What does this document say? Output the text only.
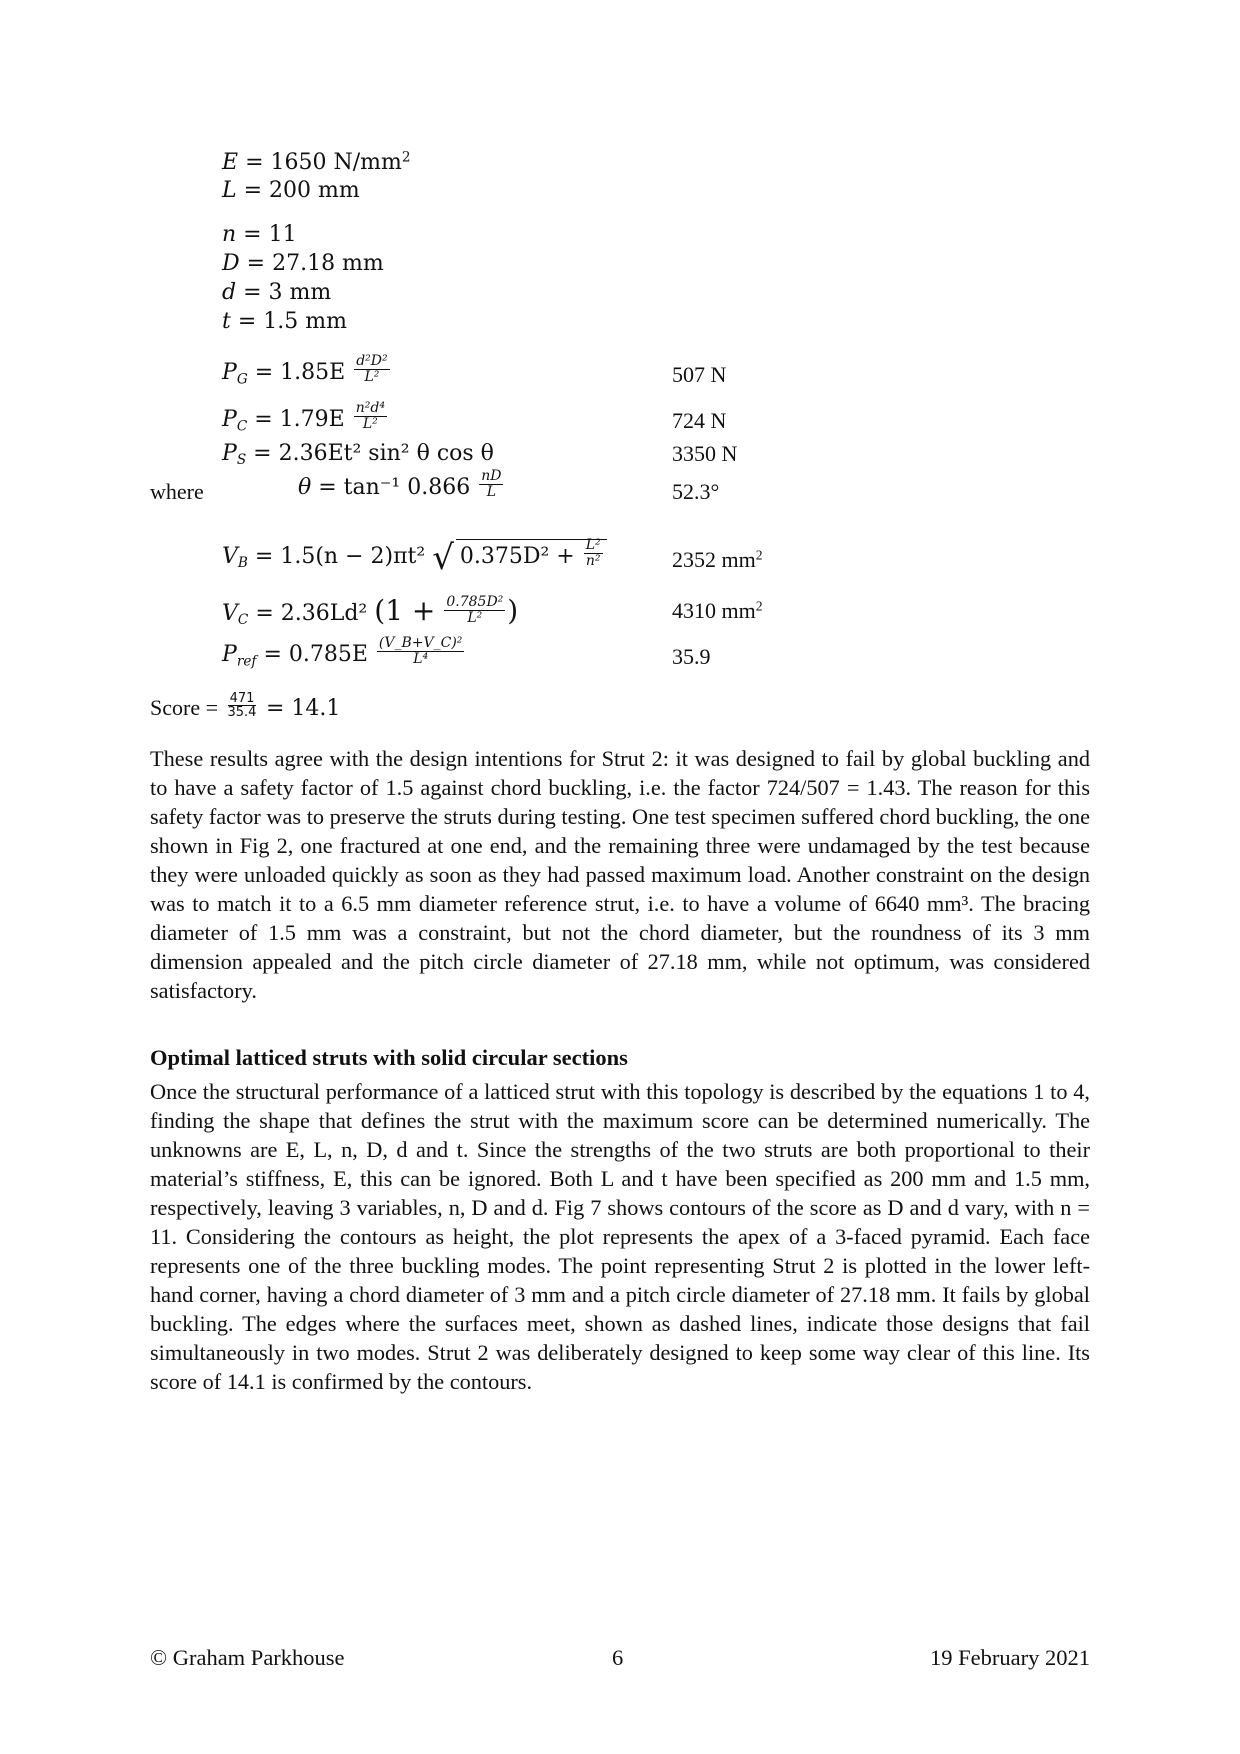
E = 1650 $N/mm^2$
L = 200 mm
n = 11
D = 27.18 mm
d = 3 mm
t = 1.5 mm
$P_G = 1.85E \frac{\text{d²D²}}{\text{L²}}$	507 N
$P_C = 1.79E \frac{\text{n²d⁴}}{\text{L²}}$	724 N
$P_S = 2.36Et^2$ sin² θ cos θ	3350 N
where	θ = tan⁻¹ $0.866 \frac{nD}{L}$	52.3°
$V_B = 1.5(n - 2)\pi t^2$ √ $0.375D^2 + \frac{\text{L²}}{\text{n²}}$	2352 $mm^2$
$V_C = 2.36Ld^2$ ($1 + \frac{\text{0.785D²}}{\text{L²}}$ )	4310 $mm^2$
$P_{ref} = 0.785E \frac{\text{(V\_B+V\_C)²}}{\text{L⁴}}$	35.9
Score = $\frac{471}{35.4} = 14.1$
These results agree with the design intentions for Strut 2: it was designed to fail by global buckling and to have a safety factor of 1.5 against chord buckling, i.e. the factor 724/507 = 1.43. The reason for this safety factor was to preserve the struts during testing. One test specimen suffered chord buckling, the one shown in Fig 2, one fractured at one end, and the remaining three were undamaged by the test because they were unloaded quickly as soon as they had passed maximum load. Another constraint on the design was to match it to a 6.5 mm diameter reference strut, i.e. to have a volume of 6640 mm³. The bracing diameter of 1.5 mm was a constraint, but not the chord diameter, but the roundness of its 3 mm dimension appealed and the pitch circle diameter of 27.18 mm, while not optimum, was considered satisfactory.
Optimal latticed struts with solid circular sections
Once the structural performance of a latticed strut with this topology is described by the equations 1 to 4, finding the shape that defines the strut with the maximum score can be determined numerically. The unknowns are E, L, n, D, d and t. Since the strengths of the two struts are both proportional to their material’s stiffness, E, this can be ignored. Both L and t have been specified as 200 mm and 1.5 mm, respectively, leaving 3 variables, n, D and d. Fig 7 shows contours of the score as D and d vary, with n = 11. Considering the contours as height, the plot represents the apex of a 3-faced pyramid. Each face represents one of the three buckling modes. The point representing Strut 2 is plotted in the lower left-hand corner, having a chord diameter of 3 mm and a pitch circle diameter of 27.18 mm. It fails by global buckling. The edges where the surfaces meet, shown as dashed lines, indicate those designs that fail simultaneously in two modes. Strut 2 was deliberately designed to keep some way clear of this line. Its score of 14.1 is confirmed by the contours.
© Graham Parkhouse	6	19 February 2021
